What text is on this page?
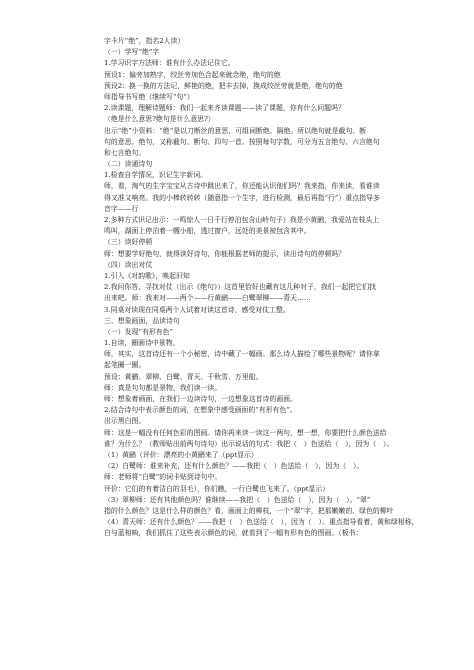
字卡片“绝”，指名2人读）
（一）学写“绝”字
1.学习识字方法师：谁有什么办法记住它。
预设1：偏旁加熟字，绞丝旁加色合起来就念绝，绝句的绝
预设2：换一换的方法记，鲜艳的绝，把丰去掉，换成绞丝旁就是绝，绝句的绝
师指导书写绝（继续写“句”）
2.读课题，理解诗题师：我们一起来齐读课题——读了课题，你有什么问题吗？
（绝是什么意思?绝句是什么意思?）
出示“绝”小资料：“绝”是以刀断丝的意思，可组词断绝、隔绝。所以绝句就是截句、断
句的意思。绝句，又称截句、断句、四句一首。按照每句字数，可分为五言绝句、六言绝句
和七言绝句。
（二）读通诗句
1.检查自学情况，识记生字新词。
师，看，淘气的生字宝宝从古诗中跳出来了，你还能认识他们吗？我来指，你来读，看谁读
得又准又响亮。我的小棒转转转（随意指一个生字，进行检测，最后再指“行”）重点指导多
音字——行
2.多种方式识记出示：一鸣惊人一日千行停泊包含山岭句子）我是小黄鹂，我爱站在枝头上
鸣叫，湖面上停泊着一艘小船，透过窗户，远处的美景被包含其中。
（三）读好停顿
师：想要学好绝句，就得读好诗句，你能根据老师的提示，读出诗句的停顿吗？
（四）读出对仗
1.引入《对韵歌》，唤起旧知
2.我问你答，寻找对仗（出示《绝句》）这首里恰好也藏有这几种对子，我们一起把它们找
出来吧。师：我来对——两个——行黄鹂——白鹭翠柳——青天……
3.同桌对读现在同桌两个人试着对读这首诗，感受对仗工整。
三、想象画面，品读诗句
（一）发现“有形有色”
1.自读，圈画诗中景物。
师，其实，这首诗还有一个小秘密，诗中藏了一幅画。那么诗人描绘了哪些景物呢？请你拿
起笔圈一圈。
预设：黄鹂、翠柳、白鹭、青天、千秋雪、万里船。
师：真是句句都是景物，我们读一读。
师：想象着画面，在我们一边读诗句，一边想象这首诗的画面。
2.结合诗句中表示颜色的词，在想象中感受画面的“有形有色”。
出示黑白图。
师：这是一幅没有任何色彩的图画。请你再来读一读这一两句，想一想，你要把什么颜色送给
谁？为什么？（教师贴出前两句诗句）出示说话的句式：我把（　）色送给（　），因为（　）。
（1）黄鹂（评价：漂亮的小黄鹂来了（ppt显示）
（2）白鹭师：谁来补充，还有什么颜色？——我把（　）色送给（　），因为（　）。
师：老师将“白鹭”的词卡贴到诗句中。
评价：它们的有着洁白的羽毛），你们瞧，一行白鹭也飞来了。（ppt显示）
（3）翠柳师：还有其他颜色吗？谁继续——我把（　）色送给（　），因为（　）。“翠”
指的什么颜色？这是什么样的颜色？看，画面上的柳枝，一个“翠”字，把那嫩嫩的、绿色的柳叶
（4）青天师：还有什么颜色？——我把（　）色送给（　），因为（　）。重点指导看着，黄和绿相称，
白与蓝相映，我们抓住了这些表示颜色的词，就看到了一幅有形有色的图画。（板书：
